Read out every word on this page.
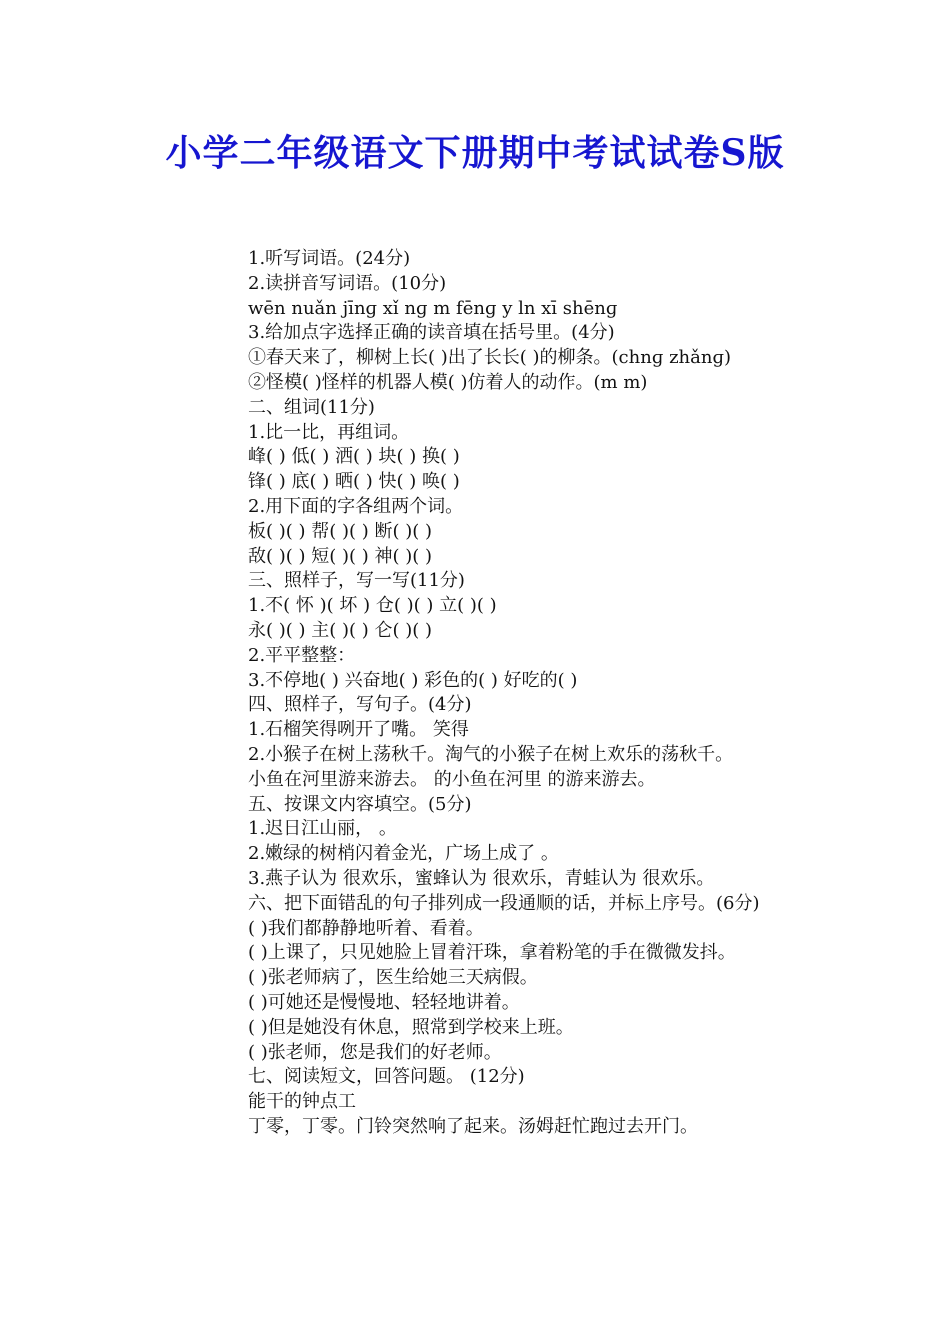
小学二年级语文下册期中考试试卷S版
1.听写词语。(24分)
2.读拼音写词语。(10分)
wēn nuǎn jīnɡ xǐ nɡ m fēnɡ y ln xī shēnɡ
3.给加点字选择正确的读音填在括号里。(4分)
①春天来了，柳树上长( )出了长长( )的柳条。(chnɡ zhǎnɡ)
②怪模( )怪样的机器人模( )仿着人的动作。(m m)
二、组词(11分)
1.比一比，再组词。
峰( ) 低( ) 洒( ) 块( ) 换( )
锋( ) 底( ) 晒( ) 快( ) 唤( )
2.用下面的字各组两个词。
板( )( ) 帮( )( ) 断( )( )
敌( )( ) 短( )( ) 神( )( )
三、照样子，写一写(11分)
1.不( 怀 )( 坏 ) 仓( )( ) 立( )( )
永( )( ) 主( )( ) 仑( )( )
2.平平整整：
3.不停地( ) 兴奋地( ) 彩色的( ) 好吃的( )
四、照样子，写句子。(4分)
1.石榴笑得咧开了嘴。 笑得
2.小猴子在树上荡秋千。淘气的小猴子在树上欢乐的荡秋千。
小鱼在河里游来游去。 的小鱼在河里 的游来游去。
五、按课文内容填空。(5分)
1.迟日江山丽， 。
2.嫩绿的树梢闪着金光，广场上成了 。
3.燕子认为 很欢乐，蜜蜂认为 很欢乐，青蛙认为 很欢乐。
六、把下面错乱的句子排列成一段通顺的话，并标上序号。(6分)
( )我们都静静地听着、看着。
( )上课了，只见她脸上冒着汗珠，拿着粉笔的手在微微发抖。
( )张老师病了，医生给她三天病假。
( )可她还是慢慢地、轻轻地讲着。
( )但是她没有休息，照常到学校来上班。
( )张老师，您是我们的好老师。
七、阅读短文，回答问题。 (12分)
能干的钟点工
丁零，丁零。门铃突然响了起来。汤姆赶忙跑过去开门。
